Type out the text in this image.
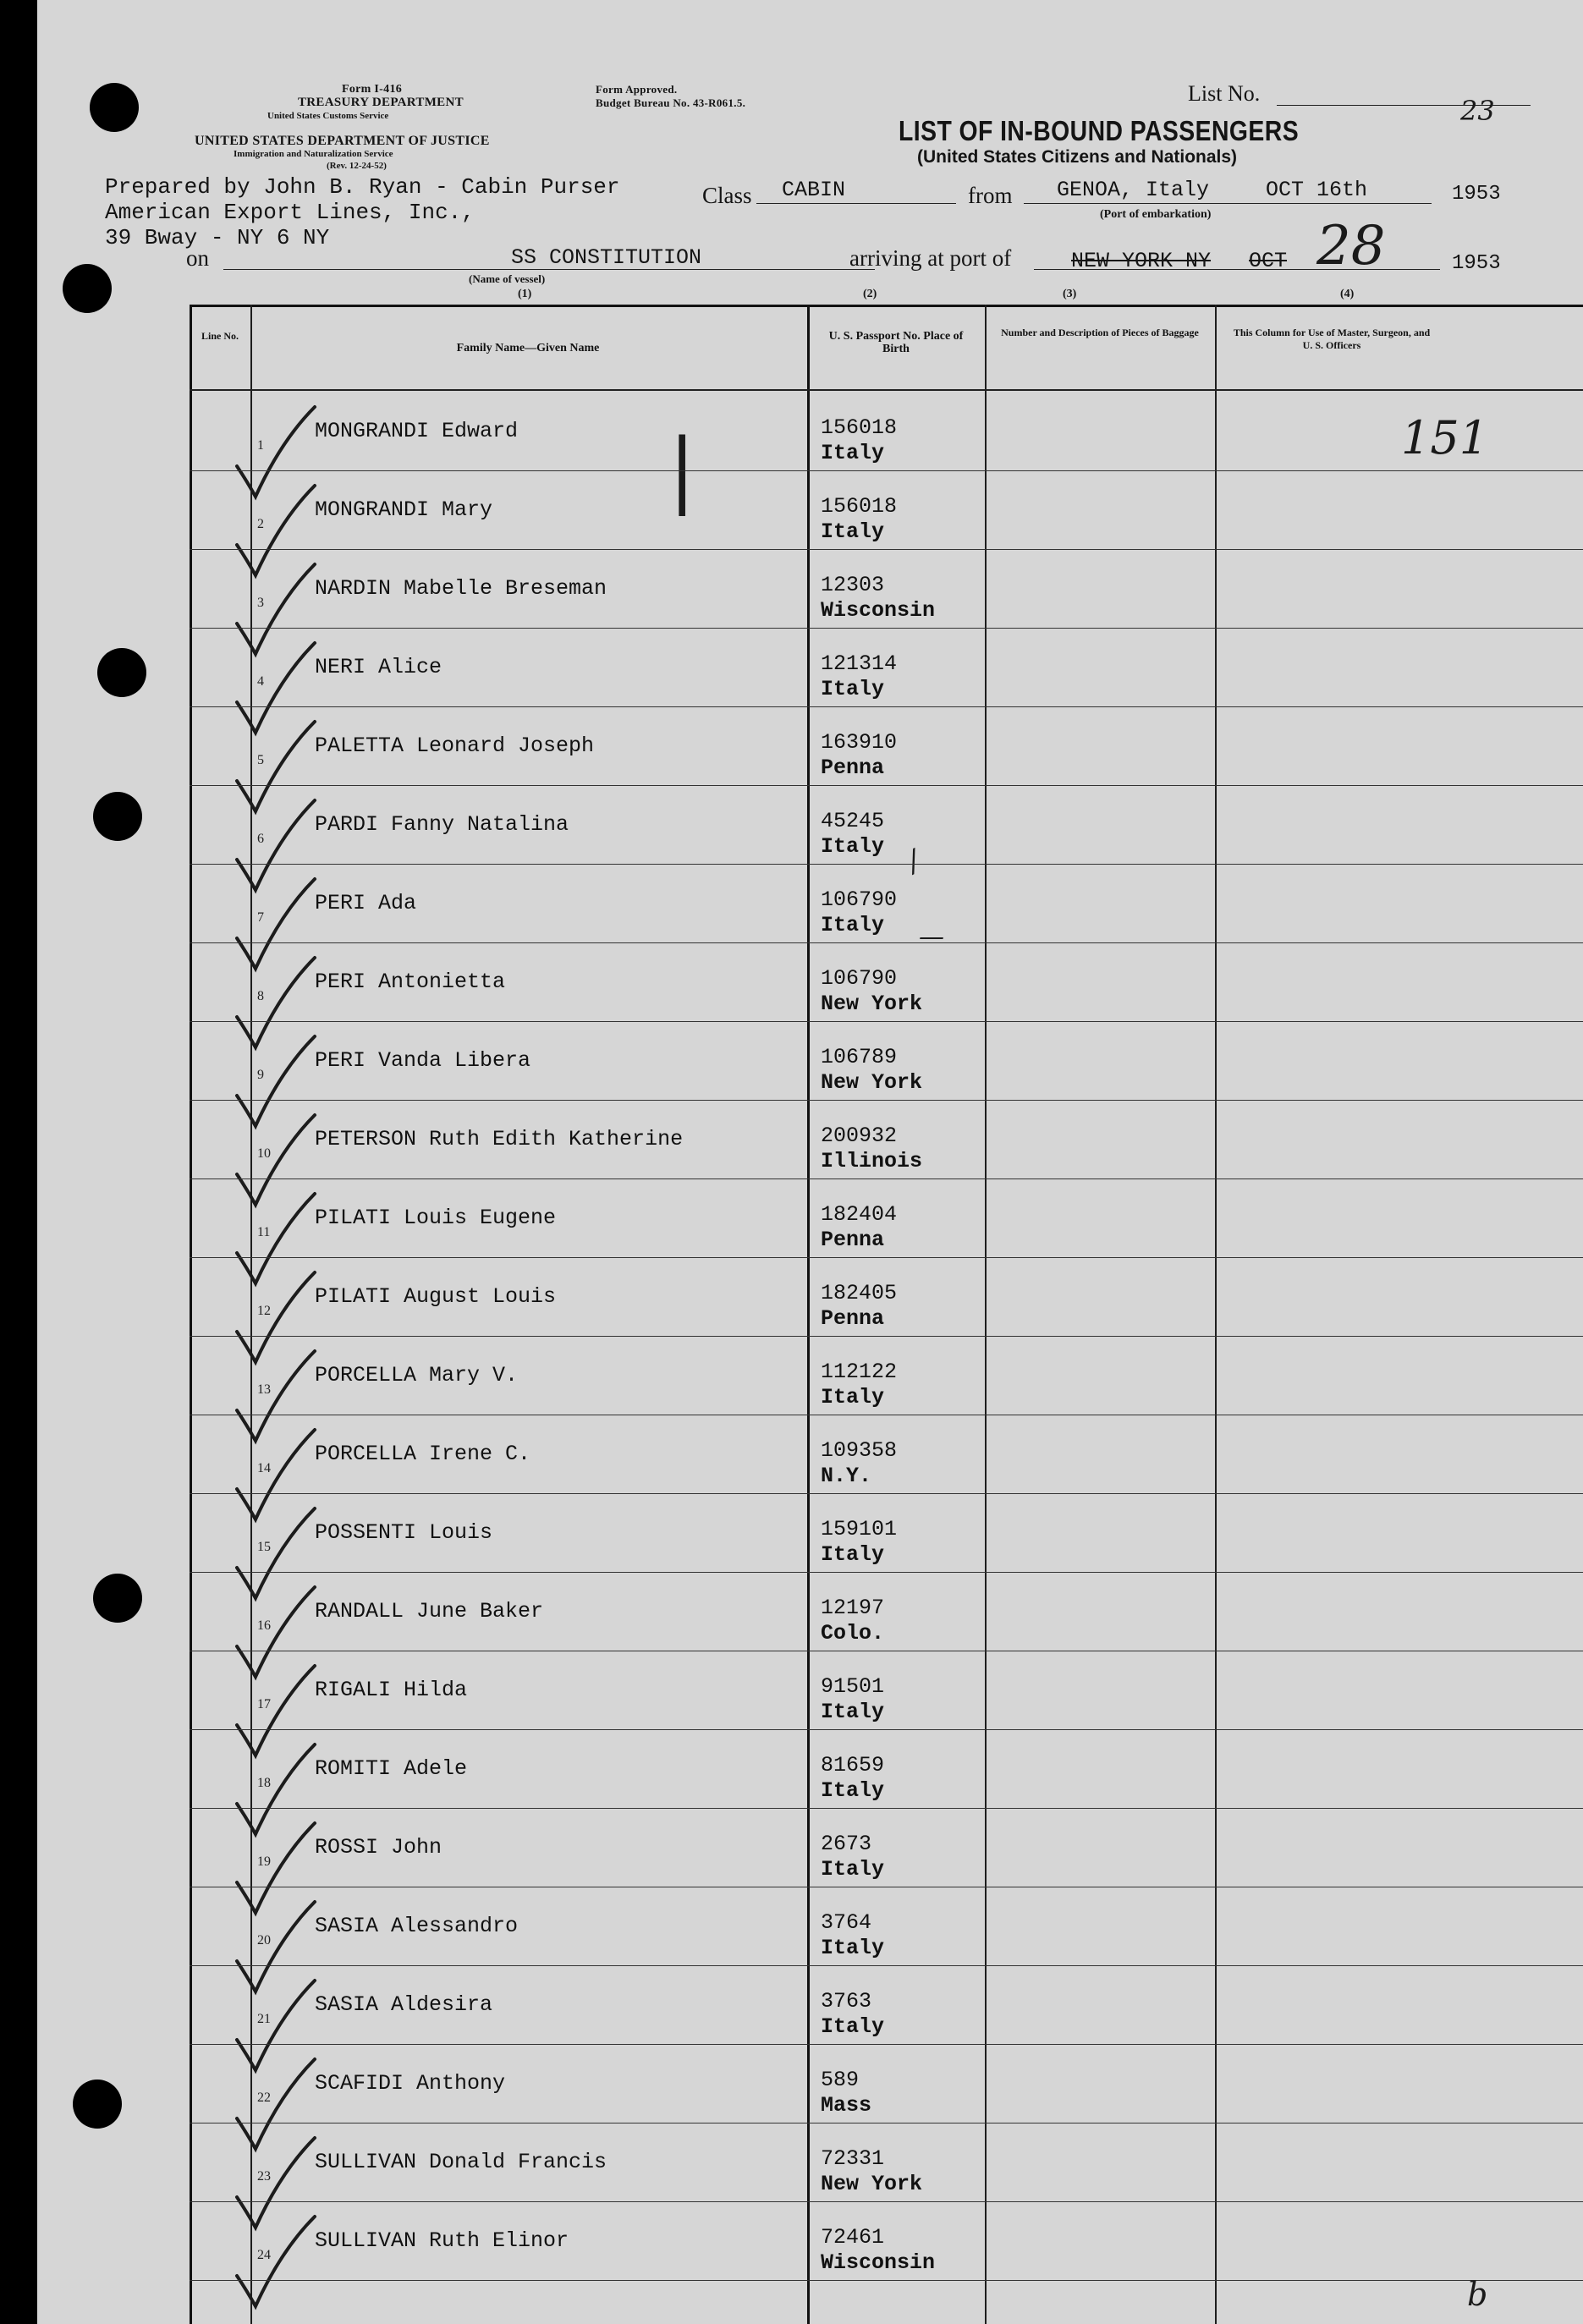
Form I-416
TREASURY DEPARTMENT
United States Customs Service
UNITED STATES DEPARTMENT OF JUSTICE
Immigration and Naturalization Service
(Rev. 12-24-52)
Form Approved.
Budget Bureau No. 43-R061.5.	List No.
23
LIST OF IN-BOUND PASSENGERS
(United States Citizens and Nationals)
Prepared by John B. Ryan - Cabin Purser
American Export Lines, Inc.,
39 Bway - NY 6 NY
Class CABIN	from GENOA, Italy	OCT 16th	1953
(Port of embarkation)
on	SS CONSTITUTION
(Name of vessel)
arriving at port of	NEW YORK NY OCT 28	1953
(1)	(2)	(3)	(4)
Line No.
Family Name—Given Name
U. S. Passport No. Place of Birth
Number and Description of Pieces of Baggage	This Column for Use of Master, Surgeon, and U. S. Officers
151
|
/
—
1
MONGRANDI Edward	156018
Italy
2
MONGRANDI Mary	156018
Italy
3
NARDIN Mabelle Breseman	12303
Wisconsin
4
NERI Alice	121314
Italy
5
PALETTA Leonard Joseph	163910
Penna
6
PARDI Fanny Natalina	45245
Italy
7
PERI Ada	106790
Italy
8
PERI Antonietta	106790
New York
9
PERI Vanda Libera	106789
New York
10
PETERSON Ruth Edith Katherine	200932
Illinois
11
PILATI Louis Eugene	182404
Penna
12
PILATI August Louis	182405
Penna
13
PORCELLA Mary V.	112122
Italy
14
PORCELLA Irene C.	109358
N.Y.
15
POSSENTI Louis	159101
Italy
16
RANDALL June Baker	12197
Colo.
17
RIGALI Hilda	91501
Italy
18
ROMITI Adele	81659
Italy
19
ROSSI John	2673
Italy
20
SASIA Alessandro	3764
Italy
21
SASIA Aldesira	3763
Italy
22
SCAFIDI Anthony	589
Mass
23
SULLIVAN Donald Francis	72331
New York
24
SULLIVAN Ruth Elinor	72461
Wisconsin
b
